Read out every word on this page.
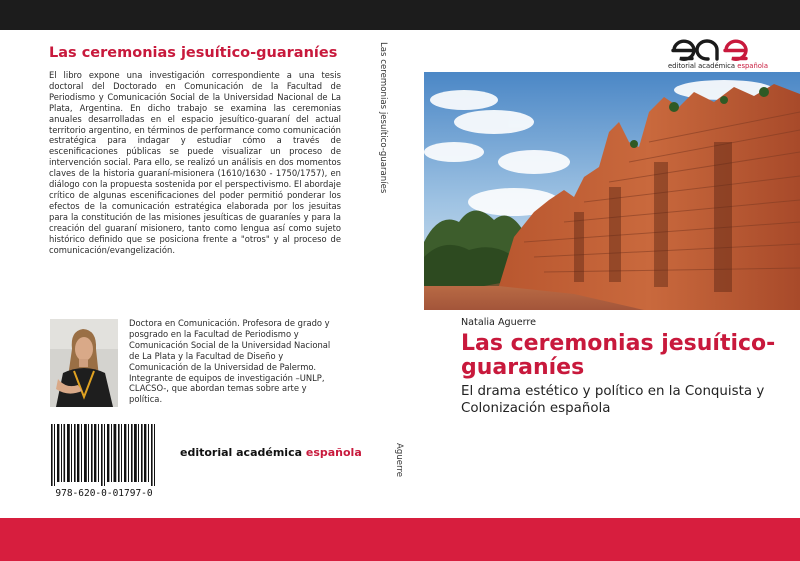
Las ceremonias jesuítico-guaraníes
El libro expone una investigación correspondiente a una tesis doctoral del Doctorado en Comunicación de la Facultad de Periodismo y Comunicación Social de la Universidad Nacional de La Plata, Argentina. En dicho trabajo se examina las ceremonias anuales desarrolladas en el espacio jesuítico-guaraní del actual territorio argentino, en términos de performance como comunicación estratégica para indagar y estudiar cómo a través de escenificaciones públicas se puede visualizar un proceso de intervención social. Para ello, se realizó un análisis en dos momentos claves de la historia guaraní-misionera (1610/1630 - 1750/1757), en diálogo con la propuesta sostenida por el perspectivismo. El abordaje crítico de algunas escenificaciones del poder permitió ponderar los efectos de la comunicación estratégica elaborada por los jesuitas para la constitución de las misiones jesuíticas de guaraníes y para la creación del guaraní misionero, tanto como lengua así como sujeto histórico definido que se posiciona frente a "otros" y al proceso de comunicación/evangelización.
Doctora en Comunicación. Profesora de grado y posgrado en la Facultad de Periodismo y Comunicación Social de la Universidad Nacional de La Plata y la Facultad de Diseño y Comunicación de la Universidad de Palermo. Integrante de equipos de investigación –UNLP, CLACSO-, que abordan temas sobre arte y política.
978-620-0-01797-0
editorial académica española
Las ceremonias jesuítico-guaraníes
Aguerre
editorial académica española
Natalia Aguerre
Las ceremonias jesuítico-guaraníes
El drama estético y político en la Conquista y Colonización española
